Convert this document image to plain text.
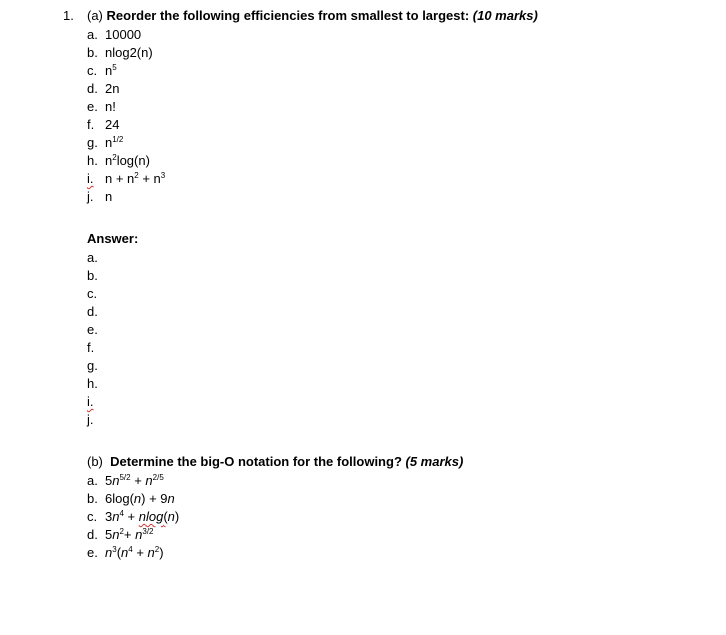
1. (a) Reorder the following efficiencies from smallest to largest: (10 marks)
a. 10000
b. nlog2(n)
c. $n^5$
d. 2n
e. n!
f. 24
g. $n^{1/2}$
h. $n^2\log(n)$
i. $n + n^2 + n^3$
j. n
Answer:
a.
b.
c.
d.
e.
f.
g.
h.
i.
j.
(b) Determine the big-O notation for the following? (5 marks)
a. $5n^{5/2} + n^{2/5}$
b. 6log(n) + 9n
c. $3n^4 + nlog(n)$
d. $5n^2+ n^{3/2}$
e. $n^3(n^4 + n^2)$
